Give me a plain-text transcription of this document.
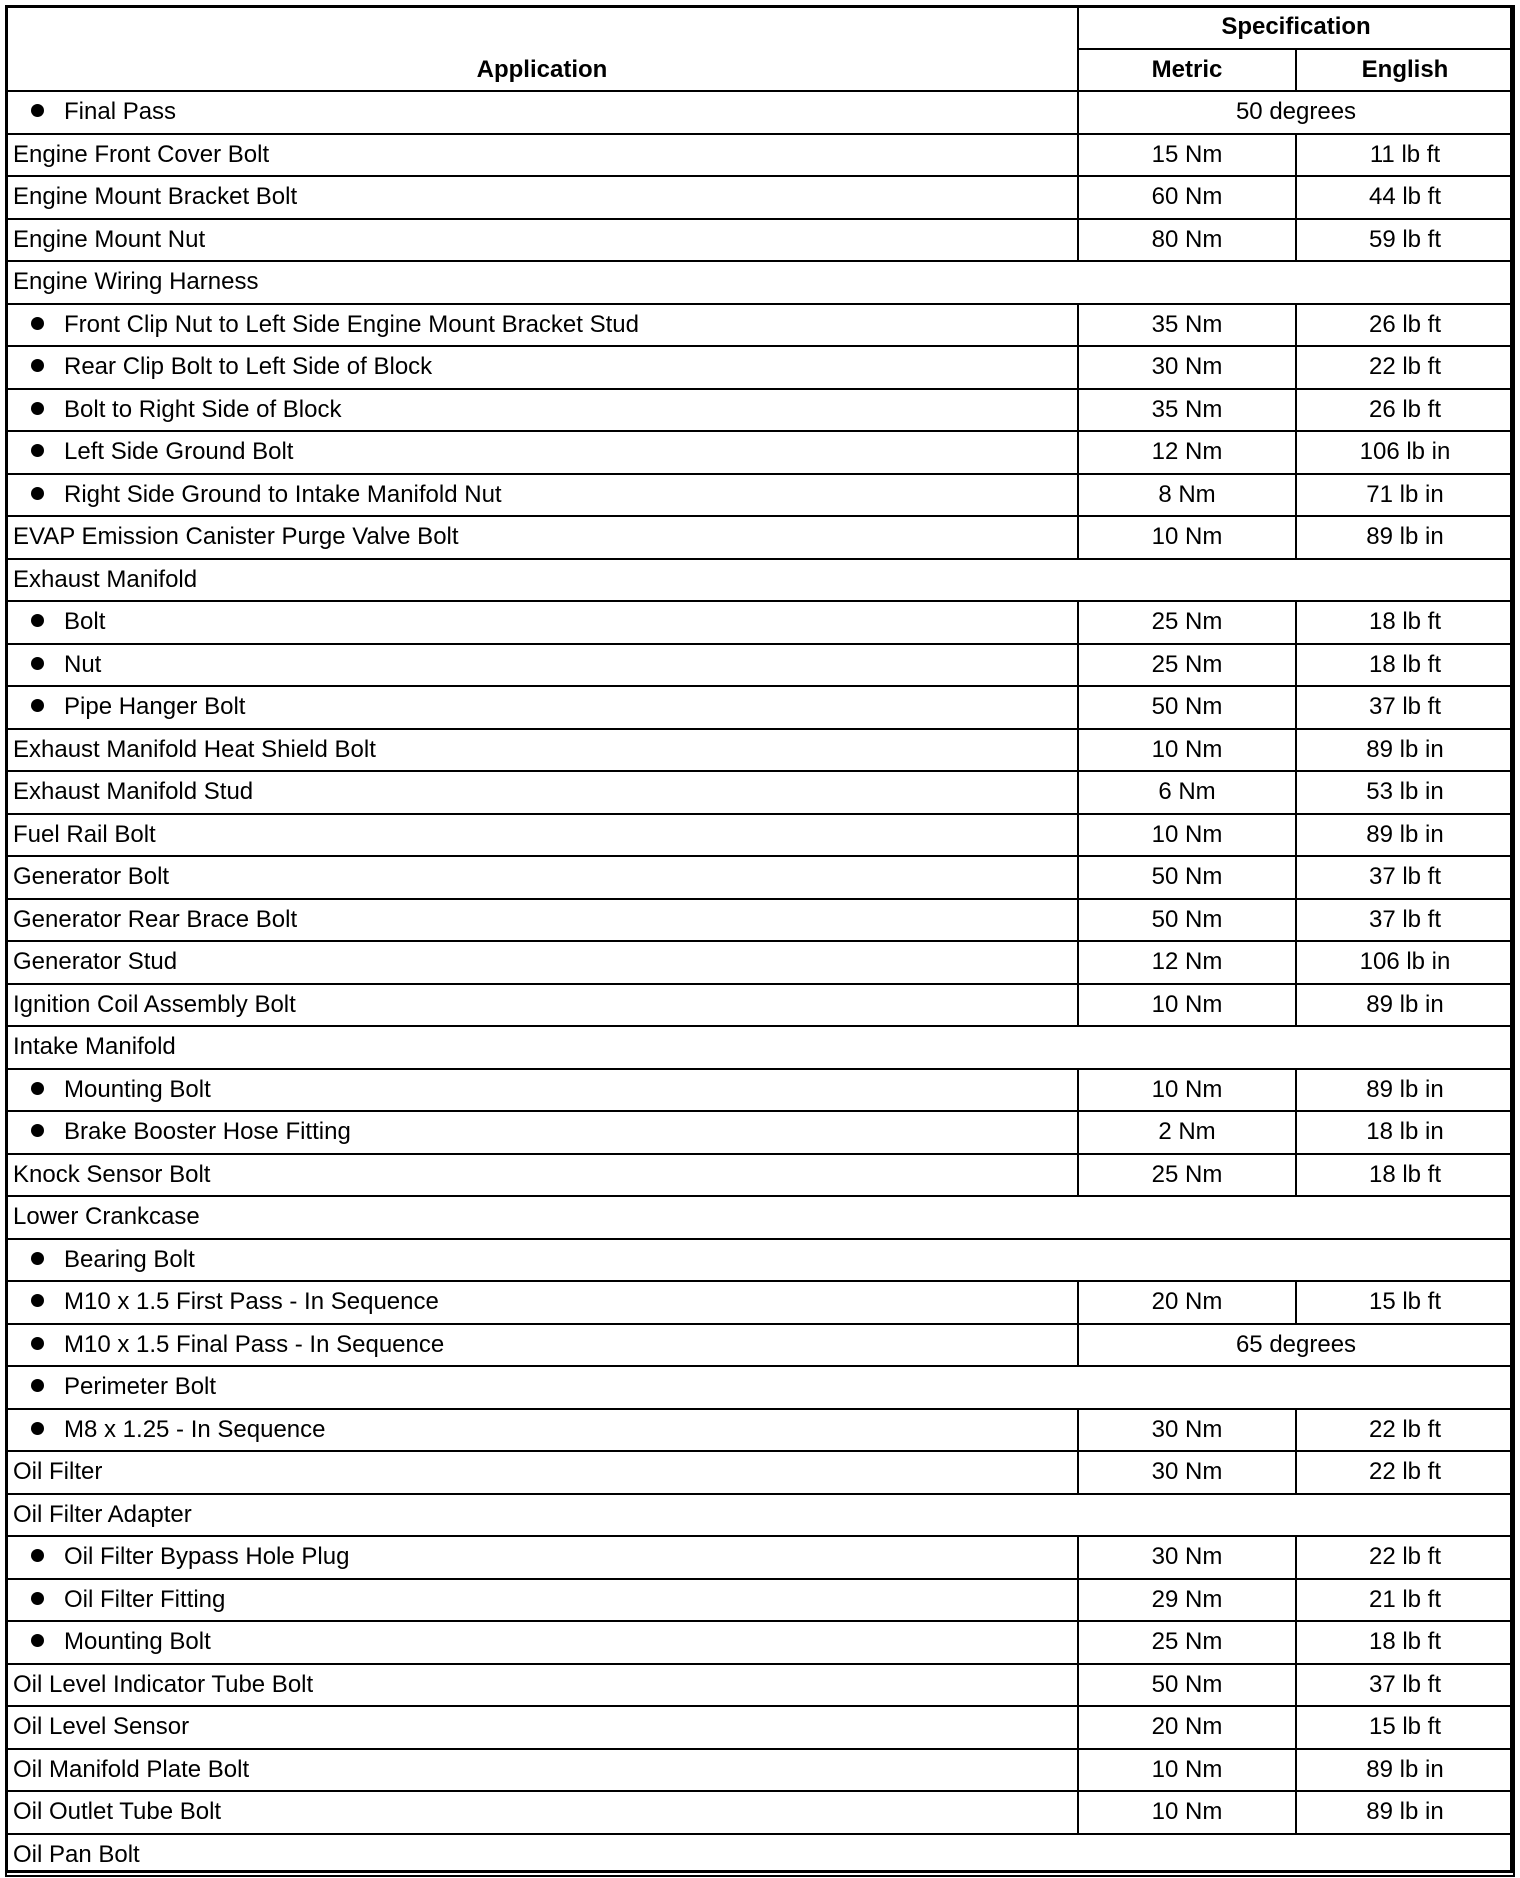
Application	Specification	
	Metric	English
Final Pass	50 degrees	
Engine Front Cover Bolt	15 Nm	11 lb ft
Engine Mount Bracket Bolt	60 Nm	44 lb ft
Engine Mount Nut	80 Nm	59 lb ft
Engine Wiring Harness		
Front Clip Nut to Left Side Engine Mount Bracket Stud	35 Nm	26 lb ft
Rear Clip Bolt to Left Side of Block	30 Nm	22 lb ft
Bolt to Right Side of Block	35 Nm	26 lb ft
Left Side Ground Bolt	12 Nm	106 lb in
Right Side Ground to Intake Manifold Nut	8 Nm	71 lb in
EVAP Emission Canister Purge Valve Bolt	10 Nm	89 lb in
Exhaust Manifold		
Bolt	25 Nm	18 lb ft
Nut	25 Nm	18 lb ft
Pipe Hanger Bolt	50 Nm	37 lb ft
Exhaust Manifold Heat Shield Bolt	10 Nm	89 lb in
Exhaust Manifold Stud	6 Nm	53 lb in
Fuel Rail Bolt	10 Nm	89 lb in
Generator Bolt	50 Nm	37 lb ft
Generator Rear Brace Bolt	50 Nm	37 lb ft
Generator Stud	12 Nm	106 lb in
Ignition Coil Assembly Bolt	10 Nm	89 lb in
Intake Manifold		
Mounting Bolt	10 Nm	89 lb in
Brake Booster Hose Fitting	2 Nm	18 lb in
Knock Sensor Bolt	25 Nm	18 lb ft
Lower Crankcase		
Bearing Bolt		
M10 x 1.5 First Pass - In Sequence	20 Nm	15 lb ft
M10 x 1.5 Final Pass - In Sequence	65 degrees	
Perimeter Bolt		
M8 x 1.25 - In Sequence	30 Nm	22 lb ft
Oil Filter	30 Nm	22 lb ft
Oil Filter Adapter		
Oil Filter Bypass Hole Plug	30 Nm	22 lb ft
Oil Filter Fitting	29 Nm	21 lb ft
Mounting Bolt	25 Nm	18 lb ft
Oil Level Indicator Tube Bolt	50 Nm	37 lb ft
Oil Level Sensor	20 Nm	15 lb ft
Oil Manifold Plate Bolt	10 Nm	89 lb in
Oil Outlet Tube Bolt	10 Nm	89 lb in
Oil Pan Bolt		
